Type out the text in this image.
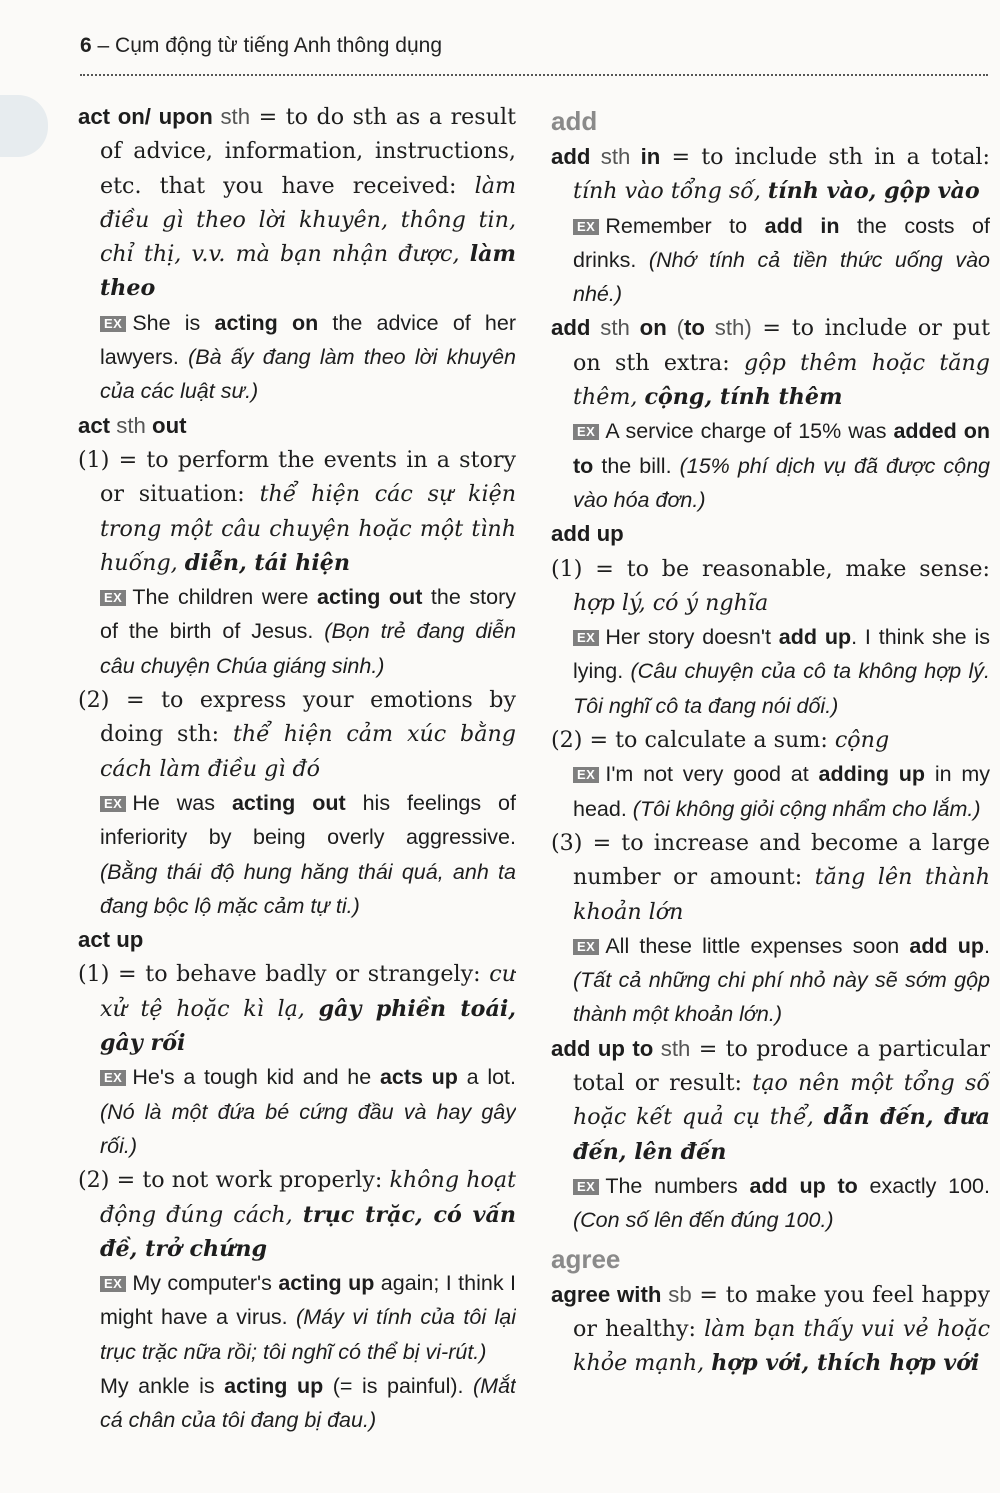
6 – Cụm động từ tiếng Anh thông dụng
act on/ upon sth = to do sth as a result of advice, information, instructions, etc. that you have received: làm điều gì theo lời khuyên, thông tin, chỉ thị, v.v. mà bạn nhận được, làm theo
EX She is acting on the advice of her lawyers. (Bà ấy đang làm theo lời khuyên của các luật sư.)
act sth out
(1) = to perform the events in a story or situation: thể hiện các sự kiện trong một câu chuyện hoặc một tình huống, diễn, tái hiện
EX The children were acting out the story of the birth of Jesus. (Bọn trẻ đang diễn câu chuyện Chúa giáng sinh.)
(2) = to express your emotions by doing sth: thể hiện cảm xúc bằng cách làm điều gì đó
EX He was acting out his feelings of inferiority by being overly aggressive. (Bằng thái độ hung hăng thái quá, anh ta đang bộc lộ mặc cảm tự ti.)
act up
(1) = to behave badly or strangely: cư xử tệ hoặc kì lạ, gây phiền toái, gây rối
EX He's a tough kid and he acts up a lot. (Nó là một đứa bé cứng đầu và hay gây rối.)
(2) = to not work properly: không hoạt động đúng cách, trục trặc, có vấn đề, trở chứng
EX My computer's acting up again; I think I might have a virus. (Máy vi tính của tôi lại trục trặc nữa rồi; tôi nghĩ có thể bị vi-rút.)
My ankle is acting up (= is painful). (Mắt cá chân của tôi đang bị đau.)
add
add sth in = to include sth in a total: tính vào tổng số, tính vào, gộp vào
EX Remember to add in the costs of drinks. (Nhớ tính cả tiền thức uống vào nhé.)
add sth on (to sth) = to include or put on sth extra: gộp thêm hoặc tăng thêm, cộng, tính thêm
EX A service charge of 15% was added on to the bill. (15% phí dịch vụ đã được cộng vào hóa đơn.)
add up
(1) = to be reasonable, make sense: hợp lý, có ý nghĩa
EX Her story doesn't add up. I think she is lying. (Câu chuyện của cô ta không hợp lý. Tôi nghĩ cô ta đang nói dối.)
(2) = to calculate a sum: cộng
EX I'm not very good at adding up in my head. (Tôi không giỏi cộng nhẩm cho lắm.)
(3) = to increase and become a large number or amount: tăng lên thành khoản lớn
EX All these little expenses soon add up. (Tất cả những chi phí nhỏ này sẽ sớm gộp thành một khoản lớn.)
add up to sth = to produce a particular total or result: tạo nên một tổng số hoặc kết quả cụ thể, dẫn đến, đưa đến, lên đến
EX The numbers add up to exactly 100. (Con số lên đến đúng 100.)
agree
agree with sb = to make you feel happy or healthy: làm bạn thấy vui vẻ hoặc khỏe mạnh, hợp với, thích hợp với
